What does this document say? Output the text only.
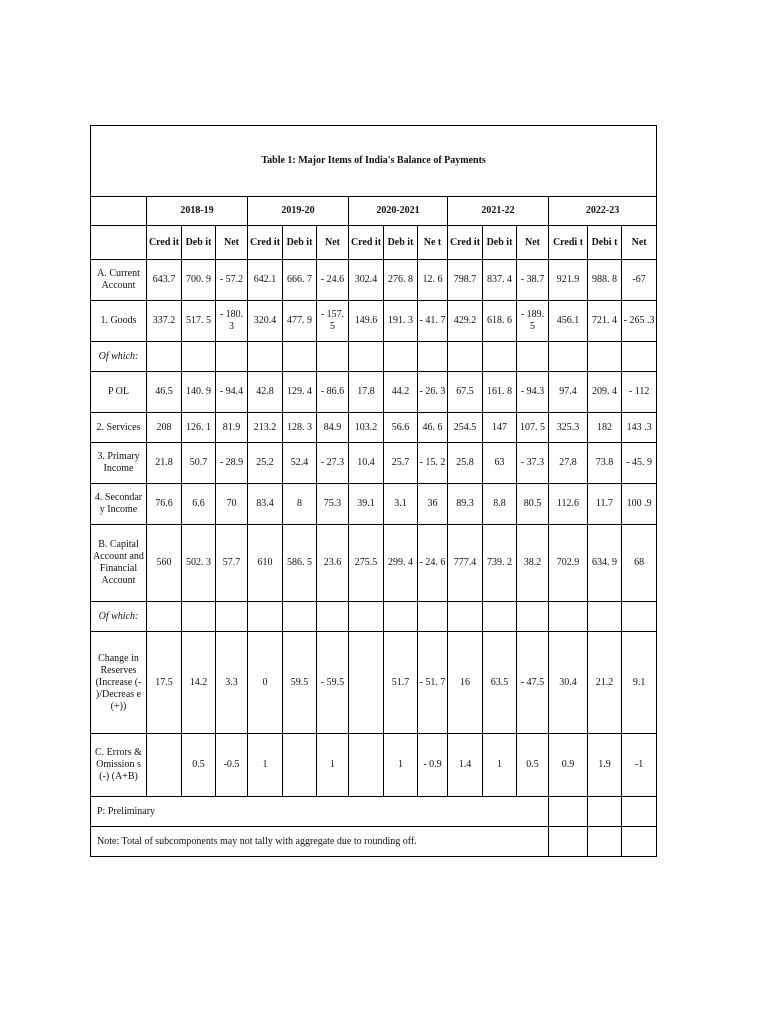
Table 1: Major Items of India's Balance of Payments															
	2018-19			2019-20			2020-2021			2021-22			2022-23		
	Cred it	Deb it	Net	Cred it	Deb it	Net	Cred it	Deb it	Ne t	Cred it	Deb it	Net	Credi t	Debi t	Net
A. Current Account	643.7	700. 9	- 57.2	642.1	666. 7	- 24.6	302.4	276. 8	12. 6	798.7	837. 4	- 38.7	921.9	988. 8	-67
1. Goods	337.2	517. 5	- 180. 3	320.4	477. 9	- 157. 5	149.6	191. 3	- 41. 7	429.2	618. 6	- 189. 5	456.1	721. 4	- 265 .3
Of which:															
P OL	46.5	140. 9	- 94.4	42.8	129. 4	- 86.6	17.8	44.2	- 26. 3	67.5	161. 8	- 94.3	97.4	209. 4	- 112
2. Services	208	126. 1	81.9	213.2	128. 3	84.9	103.2	56.6	46. 6	254.5	147	107. 5	325.3	182	143 .3
3. Primary Income	21.8	50.7	- 28.9	25.2	52.4	- 27.3	10.4	25.7	- 15. 2	25.8	63	- 37.3	27.8	73.8	- 45. 9
4. Secondar y Income	76.6	6.6	70	83.4	8	75.3	39.1	3.1	36	89.3	8.8	80.5	112.6	11.7	100 .9
B. Capital Account and Financial Account	560	502. 3	57.7	610	586. 5	23.6	275.5	299. 4	- 24. 6	777.4	739. 2	38.2	702.9	634. 9	68
Of which:															
Change in Reserves (Increase (- )/Decreas e (+))	17.5	14.2	3.3	0	59.5	- 59.5		51.7	- 51. 7	16	63.5	- 47.5	30.4	21.2	9.1
C. Errors & Omission s (-) (A+B)		0.5	-0.5	1		1		1	- 0.9	1.4	1	0.5	0.9	1.9	-1
P: Preliminary															
Note: Total of subcomponents may not tally with aggregate due to rounding off.															
